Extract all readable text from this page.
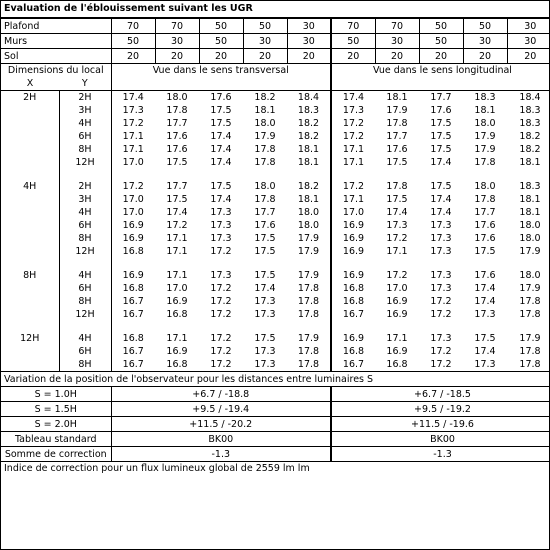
Evaluation de l'éblouissement suivant les UGR
Plafond		70	70	50	50	30	70	70	50	50	30
Murs		50	30	50	30	30	50	30	50	30	30
Sol		20	20	20	20	20	20	20	20	20	20
Dimensions du local		Vue dans le sens transversal					Vue dans le sens longitudinal				
X	Y										
2H	2H	17.4	18.0	17.6	18.2	18.4	17.4	18.1	17.7	18.3	18.4
	3H	17.3	17.8	17.5	18.1	18.3	17.3	17.9	17.6	18.1	18.3
	4H	17.2	17.7	17.5	18.0	18.2	17.2	17.8	17.5	18.0	18.3
	6H	17.1	17.6	17.4	17.9	18.2	17.2	17.7	17.5	17.9	18.2
	8H	17.1	17.6	17.4	17.8	18.1	17.1	17.6	17.5	17.9	18.2
	12H	17.0	17.5	17.4	17.8	18.1	17.1	17.5	17.4	17.8	18.1

4H	2H	17.2	17.7	17.5	18.0	18.2	17.2	17.8	17.5	18.0	18.3
	3H	17.0	17.5	17.4	17.8	18.1	17.1	17.5	17.4	17.8	18.1
	4H	17.0	17.4	17.3	17.7	18.0	17.0	17.4	17.4	17.7	18.1
	6H	16.9	17.2	17.3	17.6	18.0	16.9	17.3	17.3	17.6	18.0
	8H	16.9	17.1	17.3	17.5	17.9	16.9	17.2	17.3	17.6	18.0
	12H	16.8	17.1	17.2	17.5	17.9	16.9	17.1	17.3	17.5	17.9

8H	4H	16.9	17.1	17.3	17.5	17.9	16.9	17.2	17.3	17.6	18.0
	6H	16.8	17.0	17.2	17.4	17.8	16.8	17.0	17.3	17.4	17.9
	8H	16.7	16.9	17.2	17.3	17.8	16.8	16.9	17.2	17.4	17.8
	12H	16.7	16.8	17.2	17.3	17.8	16.7	16.9	17.2	17.3	17.8

12H	4H	16.8	17.1	17.2	17.5	17.9	16.9	17.1	17.3	17.5	17.9
	6H	16.7	16.9	17.2	17.3	17.8	16.8	16.9	17.2	17.4	17.8
	8H	16.7	16.8	17.2	17.3	17.8	16.7	16.8	17.2	17.3	17.8
Variation de la position de l'observateur pour les distances entre luminaires S											
S = 1.0H		+6.7 / -18.8					+6.7 / -18.5				
S = 1.5H		+9.5 / -19.4					+9.5 / -19.2				
S = 2.0H		+11.5 / -20.2					+11.5 / -19.6				
Tableau standard		BK00					BK00				
Somme de correction		-1.3					-1.3				
Indice de correction pour un flux lumineux global de 2559 lm lm
